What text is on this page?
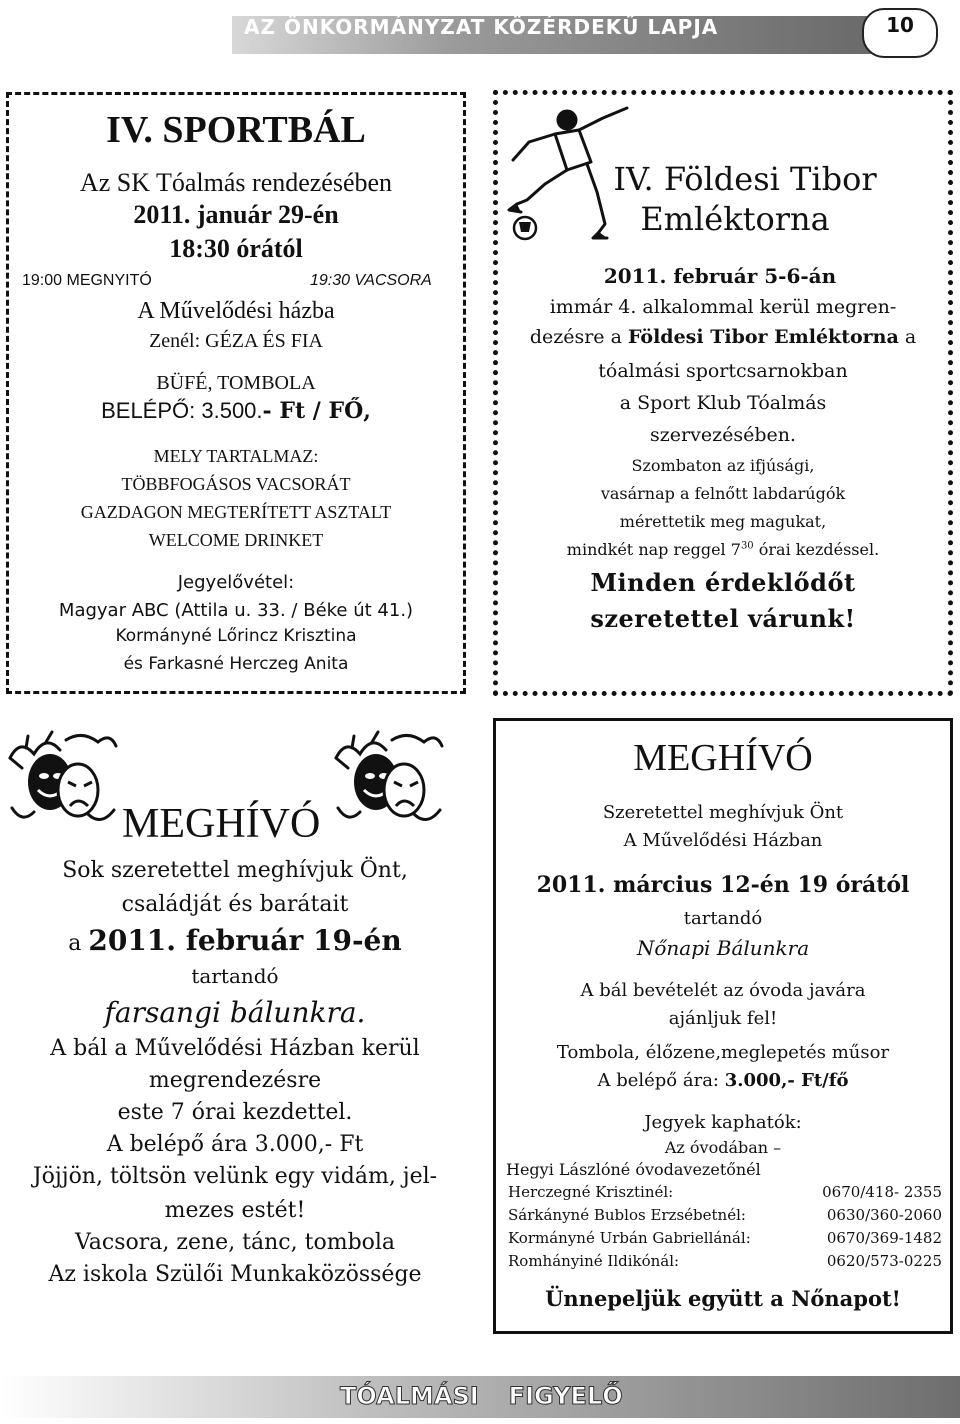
AZ ÖNKORMÁNYZAT KÖZÉRDEKŰ LAPJA	10
IV. SPORTBÁL
Az SK Tóalmás rendezésében
2011. január 29-én
18:30 órától
19:00 MEGNYITÓ	19:30 VACSORA
A Művelődési házba
Zenél: GÉZA ÉS FIA
BÜFÉ, TOMBOLA
BELÉPŐ: 3.500.- Ft / FŐ,
MELY TARTALMAZ:
TÖBBFOGÁSOS VACSORÁT
GAZDAGON MEGTERÍTETT ASZTALT
WELCOME DRINKET
Jegyelővétel:
Magyar ABC (Attila u. 33. / Béke út 41.)
Kormányné Lőrincz Krisztina
és Farkasné Herczeg Anita
IV. Földesi Tibor
Emléktorna
2011. február 5-6-án
immár 4. alkalommal kerül megren-
dezésre a Földesi Tibor Emléktorna a
tóalmási sportcsarnokban
a Sport Klub Tóalmás
szervezésében.
Szombaton az ifjúsági,
vasárnap a felnőtt labdarúgók
mérettetik meg magukat,
mindkét nap reggel $7^{30}$ órai kezdéssel.
Minden érdeklődőt
szeretettel várunk!
MEGHÍVÓ
Sok szeretettel meghívjuk Önt,
családját és barátait
a 2011. február 19-én
tartandó
farsangi bálunkra.
A bál a Művelődési Házban kerül
megrendezésre
este 7 órai kezdettel.
A belépő ára 3.000,- Ft
Jöjjön, töltsön velünk egy vidám, jel-
mezes estét!
Vacsora, zene, tánc, tombola
Az iskola Szülői Munkaközössége
MEGHÍVÓ
Szeretettel meghívjuk Önt
A Művelődési Házban
2011. március 12-én 19 órától
tartandó
Nőnapi Bálunkra
A bál bevételét az óvoda javára
ajánljuk fel!
Tombola, élőzene,meglepetés műsor
A belépő ára: 3.000,- Ft/fő
Jegyek kaphatók:
Az óvodában –
Hegyi Lászlóné óvodavezetőnél
Herczegné Krisztinél:	0670/418- 2355
Sárkányné Bublos Erzsébetnél:	0630/360-2060
Kormányné Urbán Gabriellánál:	0670/369-1482
Romhányiné Ildikónál:	0620/573-0225
Ünnepeljük együtt a Nőnapot!
TÓALMÁSI FIGYELŐ
